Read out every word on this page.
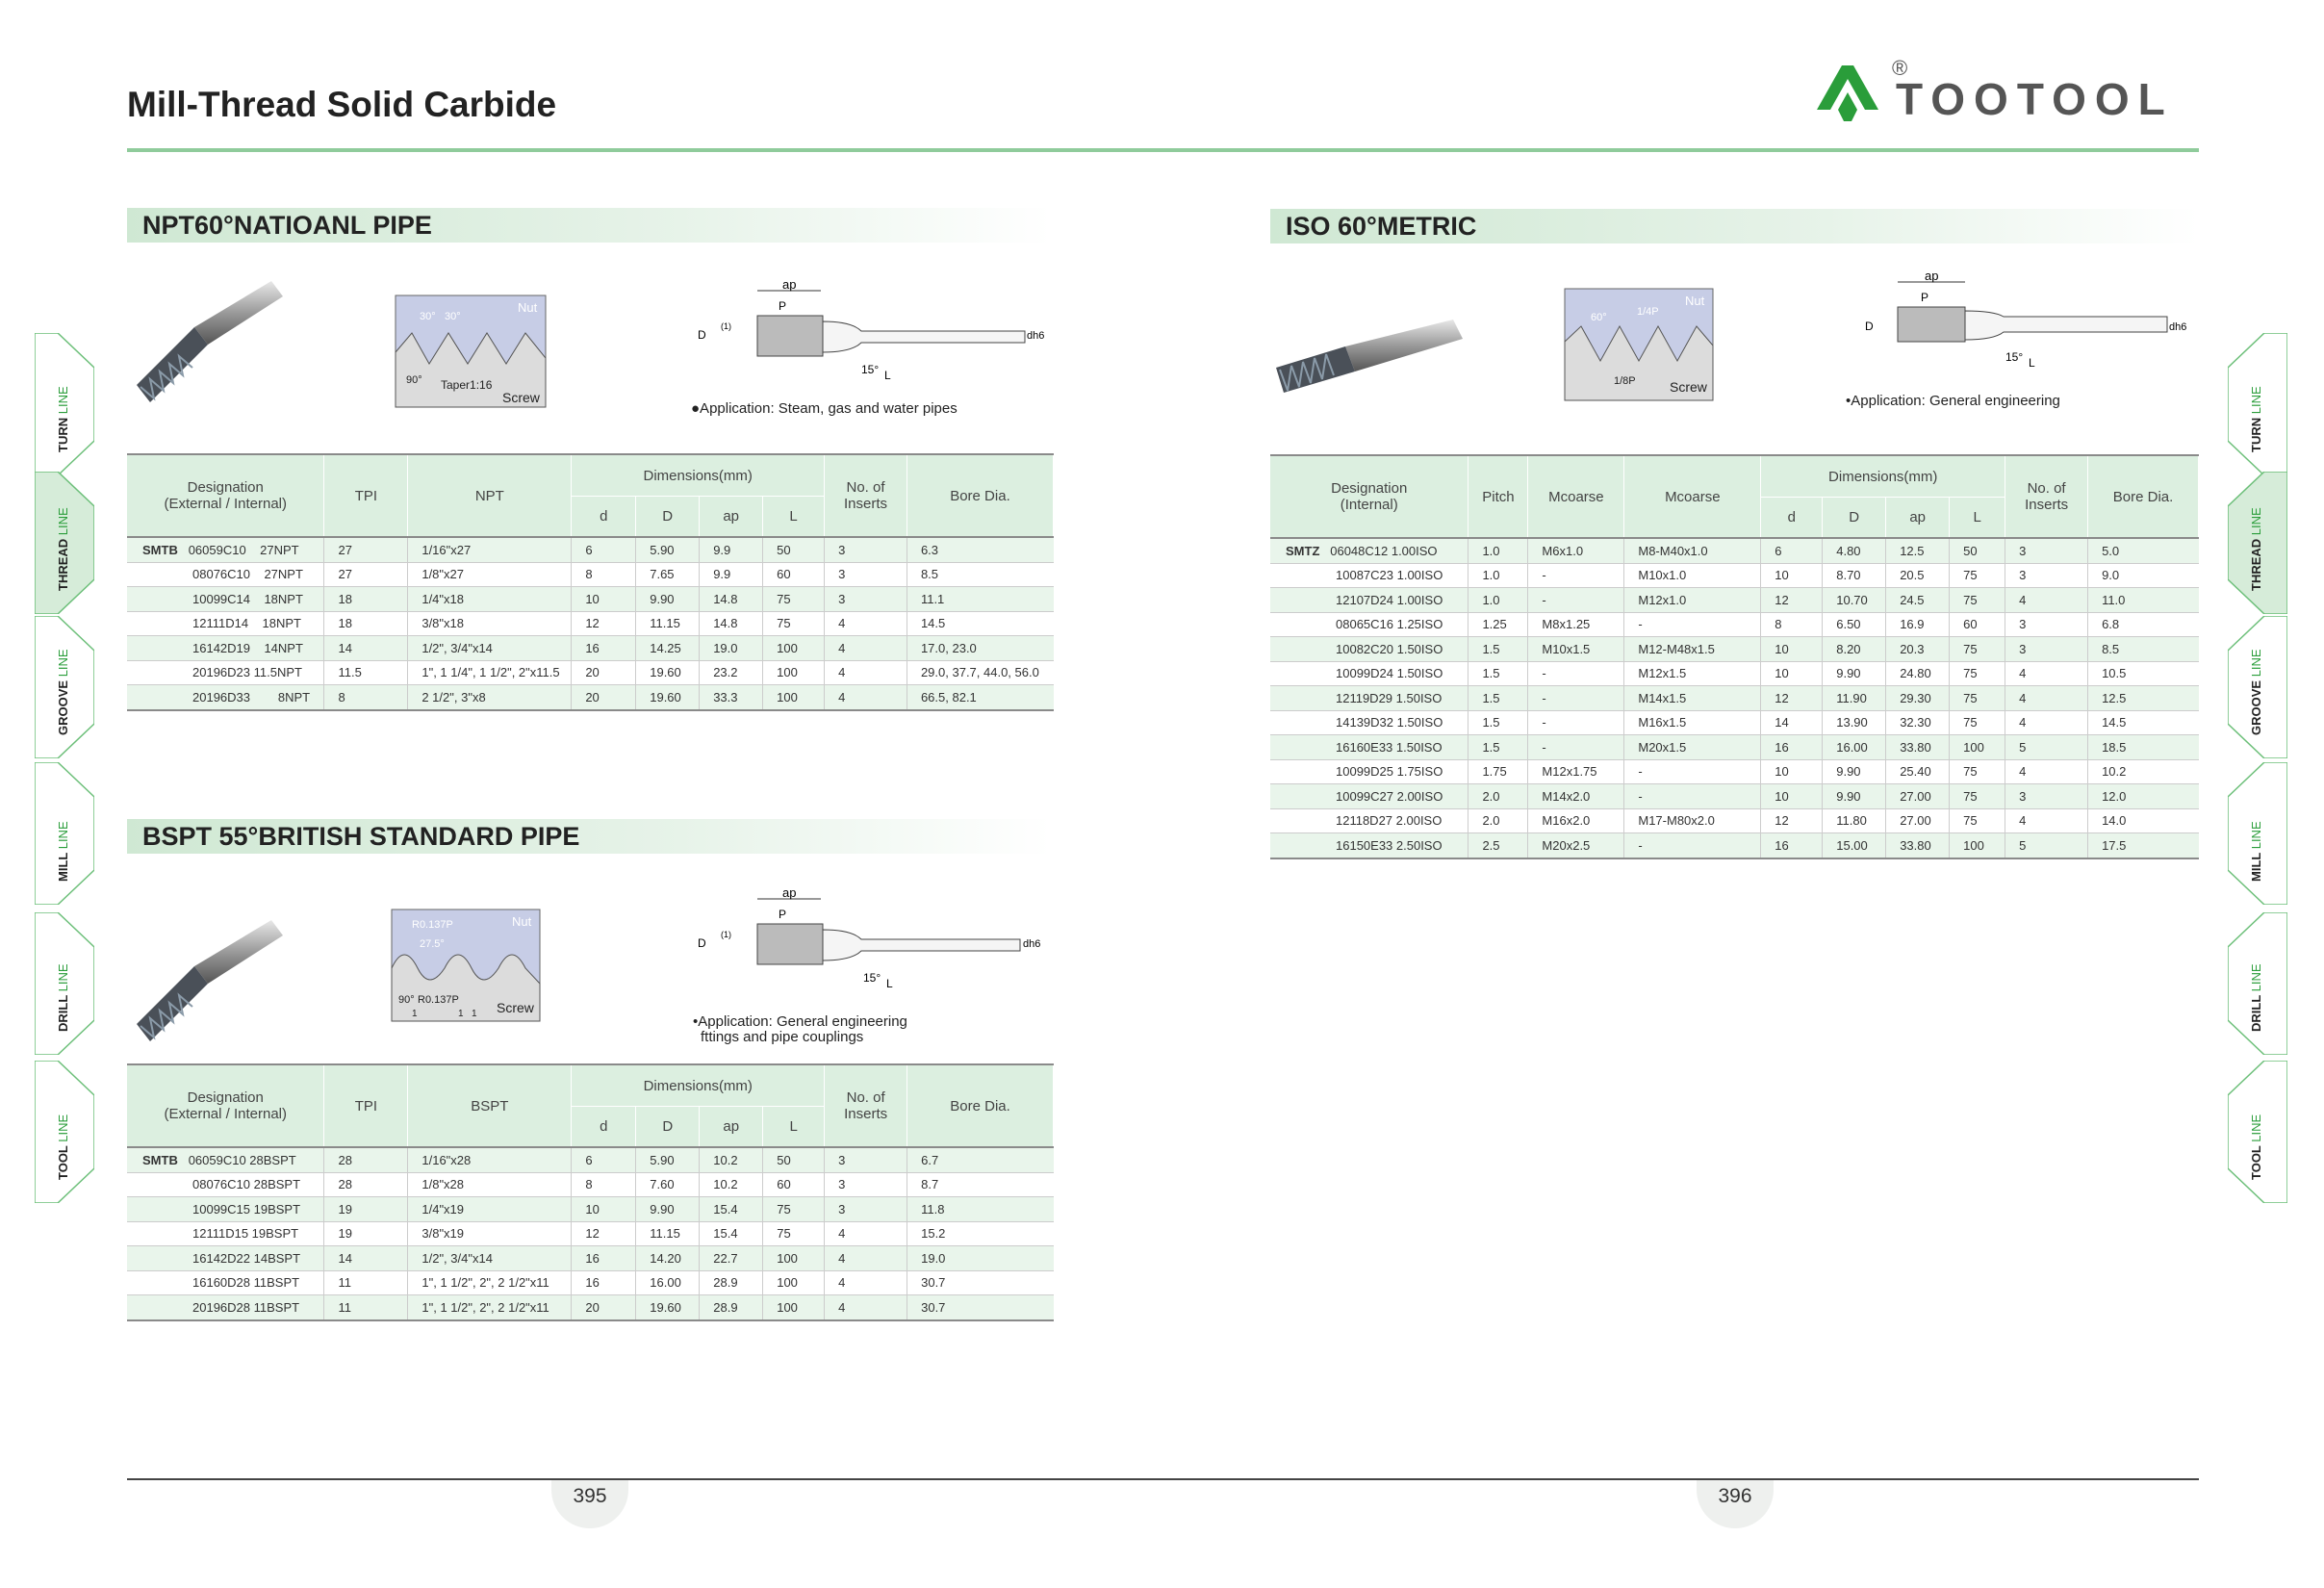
Mill-Thread Solid Carbide	TOOTOOL
®
NPT60°NATIOANL PIPE
Nut
30° 30°
90° Taper1:16
Screw
ap
P
D
(1)
dh6
15° L
●Application: Steam, gas and water pipes
Designation
(External / Internal)	TPI	NPT	Dimensions(mm)				No. of
Inserts	Bore Dia.
			d	D	ap	L		
SMTB 06059C10    27NPT	27	1/16"x27	6	5.90	9.9	50	3	6.3
08076C10    27NPT	27	1/8"x27	8	7.65	9.9	60	3	8.5
10099C14    18NPT	18	1/4"x18	10	9.90	14.8	75	3	11.1
12111D14    18NPT	18	3/8"x18	12	11.15	14.8	75	4	14.5
16142D19    14NPT	14	1/2", 3/4"x14	16	14.25	19.0	100	4	17.0, 23.0
20196D23 11.5NPT	11.5	1", 1 1/4", 1 1/2", 2"x11.5	20	19.60	23.2	100	4	29.0, 37.7, 44.0, 56.0
20196D33        8NPT	8	2 1/2", 3"x8	20	19.60	33.3	100	4	66.5, 82.1
BSPT 55°BRITISH STANDARD PIPE
Nut
R0.137P
27.5°
90° R0.137P
1	1 1 Screw
ap
P
D
(1)
dh6
15° L
•Application: General engineering
fttings and pipe couplings
Designation
(External / Internal)	TPI	BSPT	Dimensions(mm)				No. of
Inserts	Bore Dia.
			d	D	ap	L		
SMTB 06059C10 28BSPT	28	1/16"x28	6	5.90	10.2	50	3	6.7
08076C10 28BSPT	28	1/8"x28	8	7.60	10.2	60	3	8.7
10099C15 19BSPT	19	1/4"x19	10	9.90	15.4	75	3	11.8
12111D15 19BSPT	19	3/8"x19	12	11.15	15.4	75	4	15.2
16142D22 14BSPT	14	1/2", 3/4"x14	16	14.20	22.7	100	4	19.0
16160D28 11BSPT	11	1", 1 1/2", 2", 2 1/2"x11	16	16.00	28.9	100	4	30.7
20196D28 11BSPT	11	1", 1 1/2", 2", 2 1/2"x11	20	19.60	28.9	100	4	30.7
ISO 60°METRIC
Nut
60°	1/4P
1/8P	Screw
ap
P
D	dh6
15° L
•Application: General engineering
Designation
(Internal)	Pitch	Mcoarse	Mcoarse	Dimensions(mm)				No. of
Inserts	Bore Dia.
				d	D	ap	L		
SMTZ 06048C12 1.00ISO	1.0	M6x1.0	M8-M40x1.0	6	4.80	12.5	50	3	5.0
10087C23 1.00ISO	1.0	-	M10x1.0	10	8.70	20.5	75	3	9.0
12107D24 1.00ISO	1.0	-	M12x1.0	12	10.70	24.5	75	4	11.0
08065C16 1.25ISO	1.25	M8x1.25	-	8	6.50	16.9	60	3	6.8
10082C20 1.50ISO	1.5	M10x1.5	M12-M48x1.5	10	8.20	20.3	75	3	8.5
10099D24 1.50ISO	1.5	-	M12x1.5	10	9.90	24.80	75	4	10.5
12119D29 1.50ISO	1.5	-	M14x1.5	12	11.90	29.30	75	4	12.5
14139D32 1.50ISO	1.5	-	M16x1.5	14	13.90	32.30	75	4	14.5
16160E33 1.50ISO	1.5	-	M20x1.5	16	16.00	33.80	100	5	18.5
10099D25 1.75ISO	1.75	M12x1.75	-	10	9.90	25.40	75	4	10.2
10099C27 2.00ISO	2.0	M14x2.0	-	10	9.90	27.00	75	3	12.0
12118D27 2.00ISO	2.0	M16x2.0	M17-M80x2.0	12	11.80	27.00	75	4	14.0
16150E33 2.50ISO	2.5	M20x2.5	-	16	15.00	33.80	100	5	17.5
TURN LINE
THREAD LINE
GROOVE LINE
MILL LINE
DRILL LINE
TOOL LINE
TURN LINE
THREAD LINE
GROOVE LINE
MILL LINE
DRILL LINE
TOOL LINE
395	396
